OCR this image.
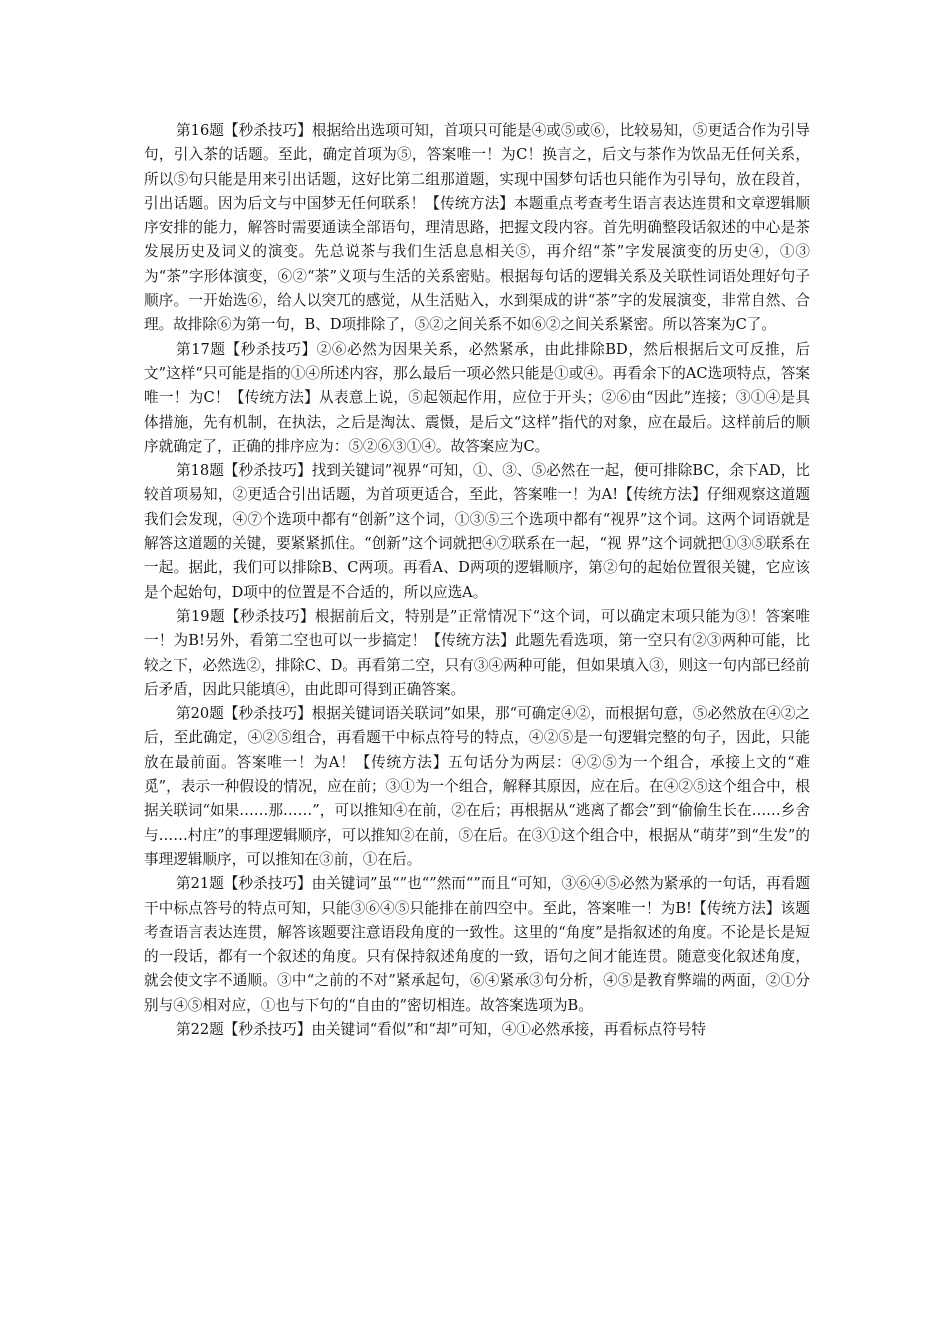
第16题【秒杀技巧】根据给出选项可知，首项只可能是④或⑤或⑥，比较易知，⑤更适合作为引导句，引入茶的话题。至此，确定首项为⑤，答案唯一！为C！换言之，后文与茶作为饮品无任何关系，所以⑤句只能是用来引出话题，这好比第二组那道题，实现中国梦句话也只能作为引导句，放在段首，引出话题。因为后文与中国梦无任何联系！【传统方法】本题重点考查考生语言表达连贯和文章逻辑顺序安排的能力，解答时需要通读全部语句，理清思路，把握文段内容。首先明确整段话叙述的中心是茶发展历史及词义的演变。先总说茶与我们生活息息相关⑤，再介绍“茶”字发展演变的历史④，①③为“茶”字形体演变，⑥②“茶”义项与生活的关系密贴。根据每句话的逻辑关系及关联性词语处理好句子顺序。一开始选⑥，给人以突兀的感觉，从生活贴入，水到渠成的讲“茶”字的发展演变，非常自然、合理。故排除⑥为第一句，B、D项排除了，⑤②之间关系不如⑥②之间关系紧密。所以答案为C了。

第17题【秒杀技巧】②⑥必然为因果关系，必然紧承，由此排除BD，然后根据后文可反推，后文”这样“只可能是指的①④所述内容，那么最后一项必然只能是①或④。再看余下的AC选项特点，答案唯一！为C！【传统方法】从表意上说，⑤起领起作用，应位于开头；②⑥由“因此”连接；③①④是具体措施，先有机制，在执法，之后是淘汰、震慑，是后文“这样”指代的对象，应在最后。这样前后的顺序就确定了，正确的排序应为：⑤②⑥③①④。故答案应为C。

第18题【秒杀技巧】找到关键词”视界“可知，①、③、⑤必然在一起，便可排除BC，余下AD，比较首项易知，②更适合引出话题，为首项更适合，至此，答案唯一！为A!【传统方法】仔细观察这道题我们会发现，④⑦个选项中都有“创新”这个词，①③⑤三个选项中都有“视界”这个词。这两个词语就是解答这道题的关键，要紧紧抓住。“创新”这个词就把④⑦联系在一起，“视 界”这个词就把①③⑤联系在一起。据此，我们可以排除B、C两项。再看A、D两项的逻辑顺序，第②句的起始位置很关键，它应该是个起始句，D项中的位置是不合适的，所以应选A。

第19题【秒杀技巧】根据前后文，特别是”正常情况下“这个词，可以确定末项只能为③！答案唯一！为B!另外，看第二空也可以一步搞定！【传统方法】此题先看选项，第一空只有②③两种可能，比较之下，必然选②，排除C、D。再看第二空，只有③④两种可能，但如果填入③，则这一句内部已经前后矛盾，因此只能填④，由此即可得到正确答案。

第20题【秒杀技巧】根据关键词语关联词”如果，那“可确定④②，而根据句意，⑤必然放在④②之后，至此确定，④②⑤组合，再看题干中标点符号的特点，④②⑤是一句逻辑完整的句子，因此，只能放在最前面。答案唯一！为A！【传统方法】五句话分为两层：④②⑤为一个组合，承接上文的“难觅”，表示一种假设的情况，应在前；③①为一个组合，解释其原因，应在后。在④②⑤这个组合中，根据关联词“如果……那……”，可以推知④在前，②在后；再根据从“逃离了都会”到“偷偷生长在……乡舍与……村庄”的事理逻辑顺序，可以推知②在前，⑤在后。在③①这个组合中，根据从“萌芽”到“生发”的事理逻辑顺序，可以推知在③前，①在后。

第21题【秒杀技巧】由关键词”虽“”也“”然而“”而且“可知，③⑥④⑤必然为紧承的一句话，再看题干中标点答号的特点可知，只能③⑥④⑤只能排在前四空中。至此，答案唯一！为B!【传统方法】该题考查语言表达连贯，解答该题要注意语段角度的一致性。这里的“角度”是指叙述的角度。不论是长是短的一段话，都有一个叙述的角度。只有保持叙述角度的一致，语句之间才能连贯。随意变化叙述角度，就会使文字不通顺。③中“之前的不对”紧承起句，⑥④紧承③句分析，④⑤是教育弊端的两面，②①分别与④⑤相对应，①也与下句的“自由的”密切相连。故答案选项为B。

第22题【秒杀技巧】由关键词“看似”和“却”可知，④①必然承接，再看标点符号特
